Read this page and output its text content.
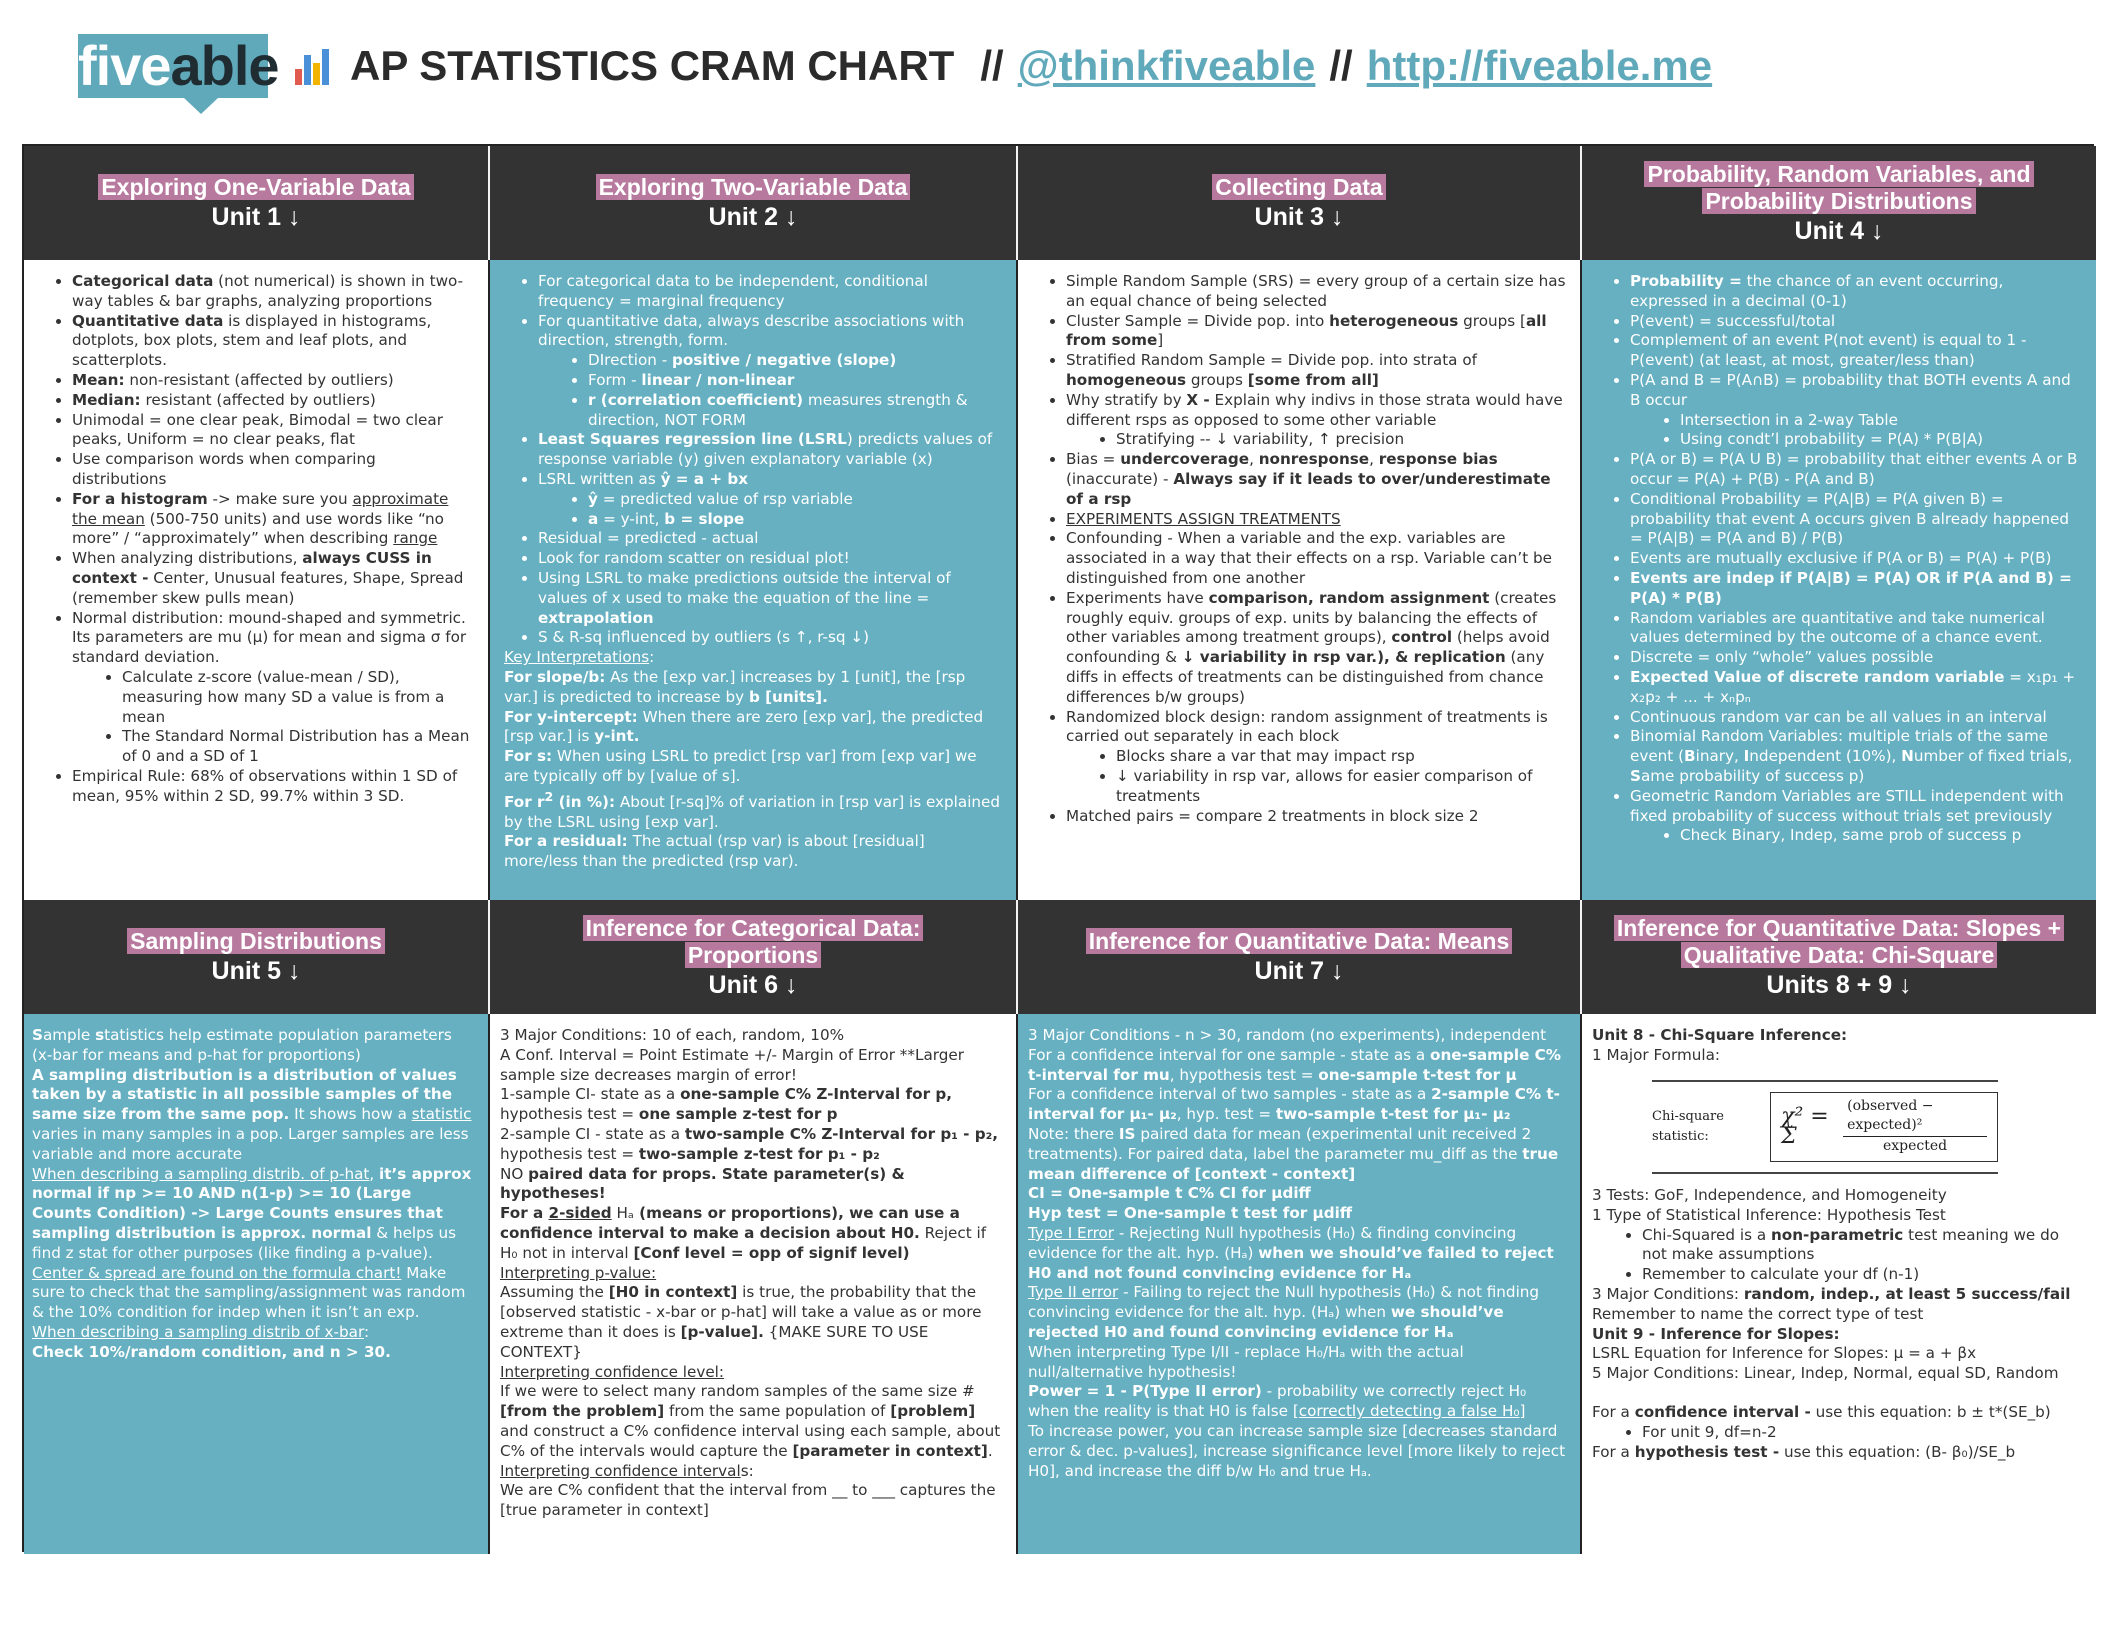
fiveable AP STATISTICS CRAM CHART // @thinkfiveable // http://fiveable.me
Exploring One-Variable Data
Unit 1 ↓
Exploring Two-Variable Data
Unit 2 ↓
Collecting Data
Unit 3 ↓
Probability, Random Variables, and Probability Distributions
Unit 4 ↓
• Categorical data (not numerical) is shown in two-way tables & bar graphs, analyzing proportions
• Quantitative data is displayed in histograms, dotplots, box plots, stem and leaf plots, and scatterplots.
• Mean: non-resistant (affected by outliers)
• Median: resistant (affected by outliers)
• Unimodal = one clear peak, Bimodal = two clear peaks, Uniform = no clear peaks, flat
• Use comparison words when comparing distributions
• For a histogram -> make sure you approximate the mean (500-750 units) and use words like “no more” / “approximately” when describing range
• When analyzing distributions, always CUSS in context - Center, Unusual features, Shape, Spread (remember skew pulls mean)
• Normal distribution: mound-shaped and symmetric. Its parameters are mu (μ) for mean and sigma σ for standard deviation.
• Calculate z-score (value-mean / SD), measuring how many SD a value is from a mean
• The Standard Normal Distribution has a Mean of 0 and a SD of 1
• Empirical Rule: 68% of observations within 1 SD of mean, 95% within 2 SD, 99.7% within 3 SD.
• For categorical data to be independent, conditional frequency = marginal frequency
• For quantitative data, always describe associations with direction, strength, form.
• DIrection - positive / negative (slope)
• Form - linear / non-linear
• r (correlation coefficient) measures strength & direction, NOT FORM
• Least Squares regression line (LSRL) predicts values of response variable (y) given explanatory variable (x)
• LSRL written as ŷ = a + bx
• ŷ = predicted value of rsp variable
• a = y-int, b = slope
• Residual = predicted - actual
• Look for random scatter on residual plot!
• Using LSRL to make predictions outside the interval of values of x used to make the equation of the line = extrapolation
• S & R-sq influenced by outliers (s ↑, r-sq ↓)

Key Interpretations:

For slope/b: As the [exp var.] increases by 1 [unit], the [rsp var.] is predicted to increase by b [units].

For y-intercept: When there are zero [exp var], the predicted [rsp var.] is y-int.

For s: When using LSRL to predict [rsp var] from [exp var] we are typically off by [value of s].

For $r^2$ (in %): About [r-sq]% of variation in [rsp var] is explained by the LSRL using [exp var].

For a residual: The actual (rsp var) is about [residual] more/less than the predicted (rsp var).

• Simple Random Sample (SRS) = every group of a certain size has an equal chance of being selected
• Cluster Sample = Divide pop. into heterogeneous groups [all from some]
• Stratified Random Sample = Divide pop. into strata of homogeneous groups [some from all]
• Why stratify by X - Explain why indivs in those strata would have different rsps as opposed to some other variable
• Stratifying -- ↓ variability, ↑ precision
• Bias = undercoverage, nonresponse, response bias (inaccurate) - Always say if it leads to over/underestimate of a rsp
• EXPERIMENTS ASSIGN TREATMENTS
• Confounding - When a variable and the exp. variables are associated in a way that their effects on a rsp. Variable can’t be distinguished from one another
• Experiments have comparison, random assignment (creates roughly equiv. groups of exp. units by balancing the effects of other variables among treatment groups), control (helps avoid confounding & ↓ variability in rsp var.), & replication (any diffs in effects of treatments can be distinguished from chance differences b/w groups)
• Randomized block design: random assignment of treatments is carried out separately in each block
• Blocks share a var that may impact rsp
• ↓ variability in rsp var, allows for easier comparison of treatments
• Matched pairs = compare 2 treatments in block size 2
• Probability = the chance of an event occurring, expressed in a decimal (0-1)
• P(event) = successful/total
• Complement of an event P(not event) is equal to 1 - P(event) (at least, at most, greater/less than)
• P(A and B = P(A∩B) = probability that BOTH events A and B occur
• Intersection in a 2-way Table
• Using condt’l probability = P(A) * P(B|A)
• P(A or B) = P(A U B) = probability that either events A or B occur = P(A) + P(B) - P(A and B)
• Conditional Probability = P(A|B) = P(A given B) = probability that event A occurs given B already happened = P(A|B) = P(A and B) / P(B)
• Events are mutually exclusive if P(A or B) = P(A) + P(B)
• Events are indep if P(A|B) = P(A) OR if P(A and B) = P(A) * P(B)
• Random variables are quantitative and take numerical values determined by the outcome of a chance event.
• Discrete = only “whole” values possible
• Expected Value of discrete random variable = x₁p₁ + x₂p₂ + ... + xₙpₙ
• Continuous random var can be all values in an interval
• Binomial Random Variables: multiple trials of the same event (Binary, Independent (10%), Number of fixed trials, Same probability of success p)
• Geometric Random Variables are STILL independent with fixed probability of success without trials set previously
• Check Binary, Indep, same prob of success p
Sampling Distributions
Unit 5 ↓
Inference for Categorical Data: Proportions
Unit 6 ↓
Inference for Quantitative Data: Means
Unit 7 ↓
Inference for Quantitative Data: Slopes + Qualitative Data: Chi-Square
Units 8 + 9 ↓

Sample statistics help estimate population parameters (x-bar for means and p-hat for proportions)

A sampling distribution is a distribution of values taken by a statistic in all possible samples of the same size from the same pop. It shows how a statistic varies in many samples in a pop. Larger samples are less variable and more accurate

When describing a sampling distrib. of p-hat, it’s approx normal if np >= 10 AND n(1-p) >= 10 (Large Counts Condition) -> Large Counts ensures that sampling distribution is approx. normal & helps us find z stat for other purposes (like finding a p-value).

Center & spread are found on the formula chart! Make sure to check that the sampling/assignment was random & the 10% condition for indep when it isn’t an exp.

When describing a sampling distrib of x-bar:

Check 10%/random condition, and n > 30.

3 Major Conditions: 10 of each, random, 10%

A Conf. Interval = Point Estimate +/- Margin of Error **Larger sample size decreases margin of error!

1-sample CI- state as a one-sample C% Z-Interval for p, hypothesis test = one sample z-test for p

2-sample CI - state as a two-sample C% Z-Interval for p₁ - p₂, hypothesis test = two-sample z-test for p₁ - p₂

NO paired data for props. State parameter(s) & hypotheses!

For a 2-sided Hₐ (means or proportions), we can use a confidence interval to make a decision about H0. Reject if H₀ not in interval [Conf level = opp of signif level)

Interpreting p-value:

Assuming the [H0 in context] is true, the probability that the [observed statistic - x-bar or p-hat] will take a value as or more extreme than it does is [p-value]. {MAKE SURE TO USE CONTEXT}

Interpreting confidence level:

If we were to select many random samples of the same size # [from the problem] from the same population of [problem] and construct a C% confidence interval using each sample, about C% of the intervals would capture the [parameter in context].

Interpreting confidence intervals:

We are C% confident that the interval from __ to ___ captures the [true parameter in context]

3 Major Conditions - n > 30, random (no experiments), independent

For a confidence interval for one sample - state as a one-sample C% t-interval for mu, hypothesis test = one-sample t-test for μ

For a confidence interval of two samples - state as a 2-sample C% t-interval for μ₁- μ₂, hyp. test = two-sample t-test for μ₁- μ₂

Note: there IS paired data for mean (experimental unit received 2 treatments). For paired data, label the parameter mu_diff as the true mean difference of [context - context]

CI = One-sample t C% CI for μdiff

Hyp test = One-sample t test for μdiff

Type I Error - Rejecting Null hypothesis (H₀) & finding convincing evidence for the alt. hyp. (Hₐ) when we should’ve failed to reject H0 and not found convincing evidence for Hₐ

Type II error - Failing to reject the Null hypothesis (H₀) & not finding convincing evidence for the alt. hyp. (Hₐ) when we should’ve rejected H0 and found convincing evidence for Hₐ

When interpreting Type I/II - replace H₀/Hₐ with the actual null/alternative hypothesis!

Power = 1 - P(Type II error) - probability we correctly reject H₀ when the reality is that H0 is false [correctly detecting a false H₀]

To increase power, you can increase sample size [decreases standard error & dec. p-values], increase significance level [more likely to reject H0], and increase the diff b/w H₀ and true Hₐ.

Unit 8 - Chi-Square Inference:

1 Major Formula:

Chi-square statistic:
χ² = Σ	$\frac{\text{(observed − expected)²}}{\text{expected}}$

3 Tests: GoF, Independence, and Homogeneity

1 Type of Statistical Inference: Hypothesis Test

• Chi-Squared is a non-parametric test meaning we do not make assumptions
• Remember to calculate your df (n-1)

3 Major Conditions: random, indep., at least 5 success/fail

Remember to name the correct type of test

Unit 9 - Inference for Slopes:

LSRL Equation for Inference for Slopes: μ = a + βx

5 Major Conditions: Linear, Indep, Normal, equal SD, Random

For a confidence interval - use this equation: b ± t*(SE_b)

• For unit 9, df=n-2

For a hypothesis test - use this equation: (B- β₀)/SE_b
